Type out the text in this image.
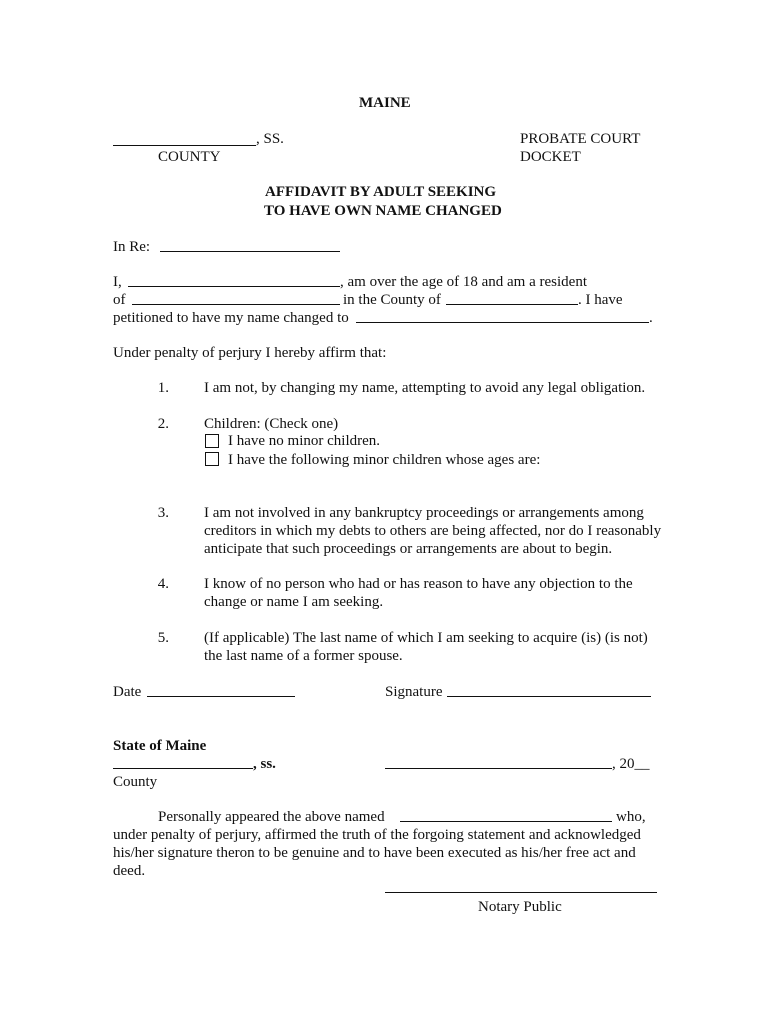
MAINE
, SS.
COUNTY
PROBATE COURT
DOCKET
AFFIDAVIT BY ADULT SEEKING
TO HAVE OWN NAME CHANGED
In Re:
I,	, am over the age of 18 and am a resident
of	in the County of	. I have
petitioned to have my name changed to	.
Under penalty of perjury I hereby affirm that:
1. I am not, by changing my name, attempting to avoid any legal obligation.
2. Children: (Check one)
I have no minor children.
I have the following minor children whose ages are:
3. I am not involved in any bankruptcy proceedings or arrangements among
creditors in which my debts to others are being affected, nor do I reasonably
anticipate that such proceedings or arrangements are about to begin.
4. I know of no person who had or has reason to have any objection to the
change or name I am seeking.
5. (If applicable) The last name of which I am seeking to acquire (is) (is not)
the last name of a former spouse.
Date	Signature
State of Maine
, ss.
County
, 20__
Personally appeared the above named	who,
under penalty of perjury, affirmed the truth of the forgoing statement and acknowledged
his/her signature theron to be genuine and to have been executed as his/her free act and
deed.
Notary Public
